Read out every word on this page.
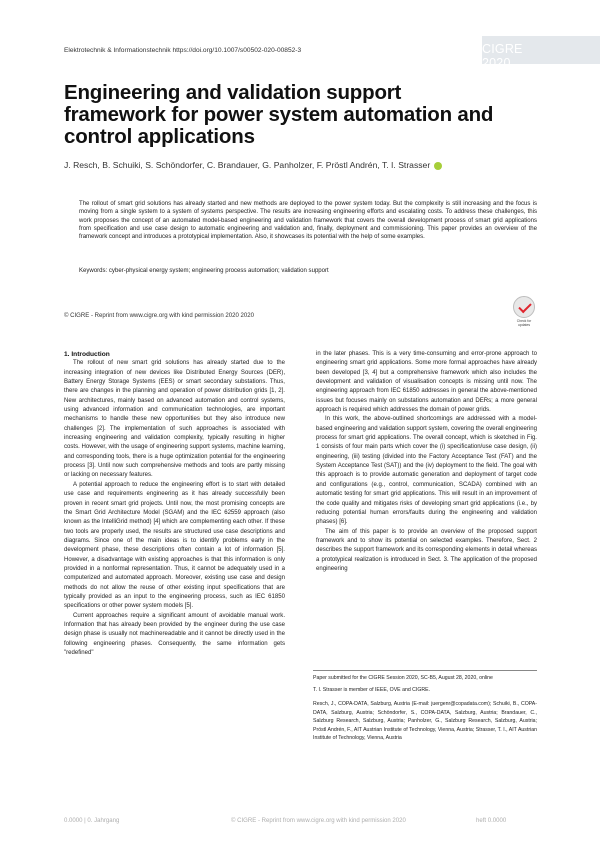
Elektrotechnik & Informationstechnik https://doi.org/10.1007/s00502-020-00852-3	CIGRE 2020
Engineering and validation support framework for power system automation and control applications
J. Resch, B. Schuiki, S. Schöndorfer, C. Brandauer, G. Panholzer, F. Pröstl Andrén, T. I. Strasser

The rollout of smart grid solutions has already started and new methods are deployed to the power system today. But the complexity is still increasing and the focus is moving from a single system to a system of systems perspective. The results are increasing engineering efforts and escalating costs. To address these challenges, this work proposes the concept of an automated model-based engineering and validation framework that covers the overall development process of smart grid applications from specification and use case design to automatic engineering and validation and, finally, deployment and commissioning. This paper provides an overview of the framework concept and introduces a prototypical implementation. Also, it showcases its potential with the help of some examples.

Keywords: cyber-physical energy system; engineering process automation; validation support
© CIGRE - Reprint from www.cigre.org with kind permission 2020 2020
Check for updates
1. Introduction

The rollout of new smart grid solutions has already started due to the increasing integration of new devices like Distributed Energy Sources (DER), Battery Energy Storage Systems (EES) or smart secondary substations. Thus, there are changes in the planning and operation of power distribution grids [1, 2]. New architectures, mainly based on advanced automation and control systems, using advanced information and communication technologies, are important mechanisms to handle these new opportunities but they also introduce new challenges [2]. The implementation of such approaches is associated with increasing engineering and validation complexity, typically resulting in higher costs. However, with the usage of engineering support systems, machine learning, and corresponding tools, there is a huge optimization potential for the engineering process [3]. Until now such comprehensive methods and tools are partly missing or lacking on necessary features.

A potential approach to reduce the engineering effort is to start with detailed use case and requirements engineering as it has already successfully been proven in recent smart grid projects. Until now, the most promising concepts are the Smart Grid Architecture Model (SGAM) and the IEC 62559 approach (also known as the IntelliGrid method) [4] which are complementing each other. If these two tools are properly used, the results are structured use case descriptions and diagrams. Since one of the main ideas is to identify problems early in the development phase, these descriptions often contain a lot of information [5]. However, a disadvantage with existing approaches is that this information is only provided in a nonformal representation. Thus, it cannot be adequately used in a computerized and automated approach. Moreover, existing use case and design methods do not allow the reuse of other existing input specifications that are typically provided as an input to the engineering process, such as IEC 61850 specifications or other power system models [5].

Current approaches require a significant amount of avoidable manual work. Information that has already been provided by the engineer during the use case design phase is usually not machinereadable and it cannot be directly used in the following engineering phases. Consequently, the same information gets "redefined"

in the later phases. This is a very time-consuming and error-prone approach to engineering smart grid applications. Some more formal approaches have already been developed [3, 4] but a comprehensive framework which also includes the development and validation of visualisation concepts is missing until now. The engineering approach from IEC 61850 addresses in general the above-mentioned issues but focuses mainly on substations automation and DERs; a more general approach is required which addresses the domain of power grids.

In this work, the above-outlined shortcomings are addressed with a model-based engineering and validation support system, covering the overall engineering process for smart grid applications. The overall concept, which is sketched in Fig. 1 consists of four main parts which cover the (i) specification/use case design, (ii) engineering, (iii) testing (divided into the Factory Acceptance Test (FAT) and the System Acceptance Test (SAT)) and the (iv) deployment to the field. The goal with this approach is to provide automatic generation and deployment of target code and configurations (e.g., control, communication, SCADA) combined with an automatic testing for smart grid applications. This will result in an improvement of the code quality and mitigates risks of developing smart grid applications (i.e., by reducing potential human errors/faults during the engineering and validation phases) [6].

The aim of this paper is to provide an overview of the proposed support framework and to show its potential on selected examples. Therefore, Sect. 2 describes the support framework and its corresponding elements in detail whereas a prototypical realization is introduced in Sect. 3. The application of the proposed engineering

Paper submitted for the CIGRE Session 2020, SC-B5, August 28, 2020, online

T. I. Strasser is member of IEEE, OVE and CIGRE.

Resch, J., COPA-DATA, Salzburg, Austria (E-mail: juergenr@copadata.com); Schuiki, B., COPA-DATA, Salzburg, Austria; Schöndorfer, S., COPA-DATA, Salzburg, Austria; Brandauer, C., Salzburg Research, Salzburg, Austria; Panholzer, G., Salzburg Research, Salzburg, Austria; Pröstl Andrén, F., AIT Austrian Institute of Technology, Vienna, Austria; Strasser, T. I., AIT Austrian Institute of Technology, Vienna, Austria

0.0000 | 0. Jahrgang	© CIGRE - Reprint from www.cigre.org with kind permission 2020	heft 0.0000
